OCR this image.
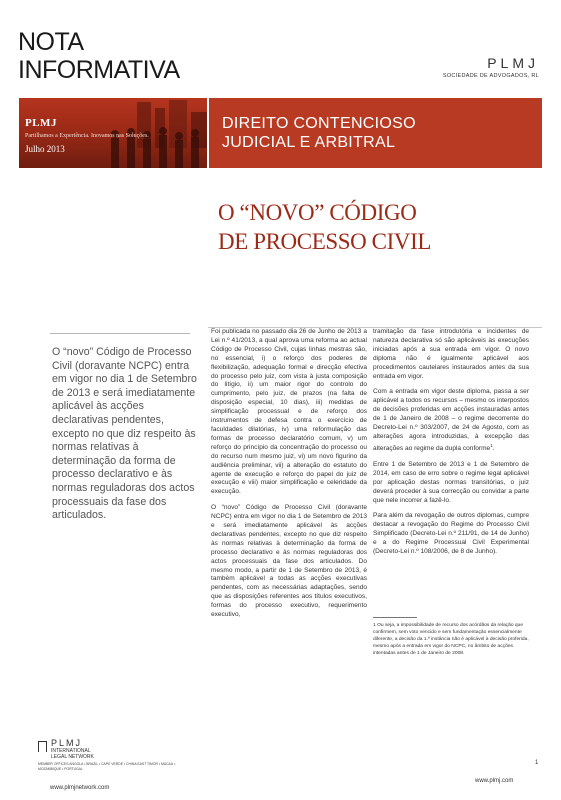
NOTA
INFORMATIVA	PLMJ
SOCIEDADE DE ADVOGADOS, RL
PLMJ
Partilhamos a Experiência. Inovamos nas Soluções.
Julho 2013
DIREITO CONTENCIOSO
JUDICIAL E ARBITRAL
O “NOVO” CÓDIGO
DE PROCESSO CIVIL
O “novo” Código de Processo Civil (doravante NCPC) entra em vigor no dia 1 de Setembro de 2013 e será imediatamente aplicável às acções declarativas pendentes, excepto no que diz respeito às normas relativas à determinação da forma de processo declarativo e às normas reguladoras dos actos processuais da fase dos articulados.

Foi publicada no passado dia 26 de Junho de 2013 a Lei n.º 41/2013, a qual aprova uma reforma ao actual Código de Processo Civil, cujas linhas mestras são, no essencial, i) o reforço dos poderes de flexibilização, adequação formal e direcção efectiva do processo pelo juiz, com vista à justa composição do litígio, ii) um maior rigor do controlo do cumprimento, pelo juiz, de prazos (na falta de disposição especial, 10 dias), iii) medidas de simplificação processual e de reforço dos instrumentos de defesa contra o exercício de faculdades dilatórias, iv) uma reformulação das formas de processo declaratório comum, v) um reforço do princípio da concentração do processo ou do recurso num mesmo juiz, vi) um novo figurino da audiência preliminar, vii) a alteração do estatuto do agente de execução e reforço do papel do juiz de execução e viii) maior simplificação e celeridade da execução.

O “novo” Código de Processo Civil (doravante NCPC) entra em vigor no dia 1 de Setembro de 2013 e será imediatamente aplicável às acções declarativas pendentes, excepto no que diz respeito às normas relativas à determinação da forma de processo declarativo e às normas reguladoras dos actos processuais da fase dos articulados. Do mesmo modo, a partir de 1 de Setembro de 2013, é também aplicável a todas as acções executivas pendentes, com as necessárias adaptações, sendo que as disposições referentes aos títulos executivos, formas do processo executivo, requerimento executivo,

tramitação da fase introdutória e incidentes de natureza declarativa só são aplicáveis às execuções iniciadas após a sua entrada em vigor. O novo diploma não é igualmente aplicável aos procedimentos cautelares instaurados antes da sua entrada em vigor.

Com a entrada em vigor deste diploma, passa a ser aplicável a todos os recursos – mesmo os interpostos de decisões proferidas em acções instauradas antes de 1 de Janeiro de 2008 – o regime decorrente do Decreto-Lei n.º 303/2007, de 24 de Agosto, com as alterações agora introduzidas, à excepção das alterações ao regime da dupla conforme$^1$.

Entre 1 de Setembro de 2013 e 1 de Setembro de 2014, em caso de erro sobre o regime legal aplicável por aplicação destas normas transitórias, o juiz deverá proceder à sua correcção ou convidar a parte que nele incorrer a fazê-lo.

Para além da revogação de outros diplomas, cumpre destacar a revogação do Regime do Processo Civil Simplificado (Decreto-Lei n.º 211/91, de 14 de Junho) e a do Regime Processual Civil Experimental (Decreto-Lei n.º 108/2006, de 8 de Junho).

1 Ou seja, a impossibilidade de recurso dos acórdãos da relação que confirmem, sem voto vencido e sem fundamentação essencialmente diferente, a decisão da 1.ª instância não é aplicável à decisão proferida, mesmo após a entrada em vigor do NCPC, no âmbito de acções intentadas antes de 1 de Janeiro de 2008.
1
PLMJ
INTERNATIONAL
LEGAL NETWORK
MEMBER OFFICES ANGOLA • BRAZIL • CAPE VERDE • CHINA EAST TIMOR • MACAU • MOZAMBIQUE • PORTUGAL
www.plmjnetwork.com
www.plmj.com
